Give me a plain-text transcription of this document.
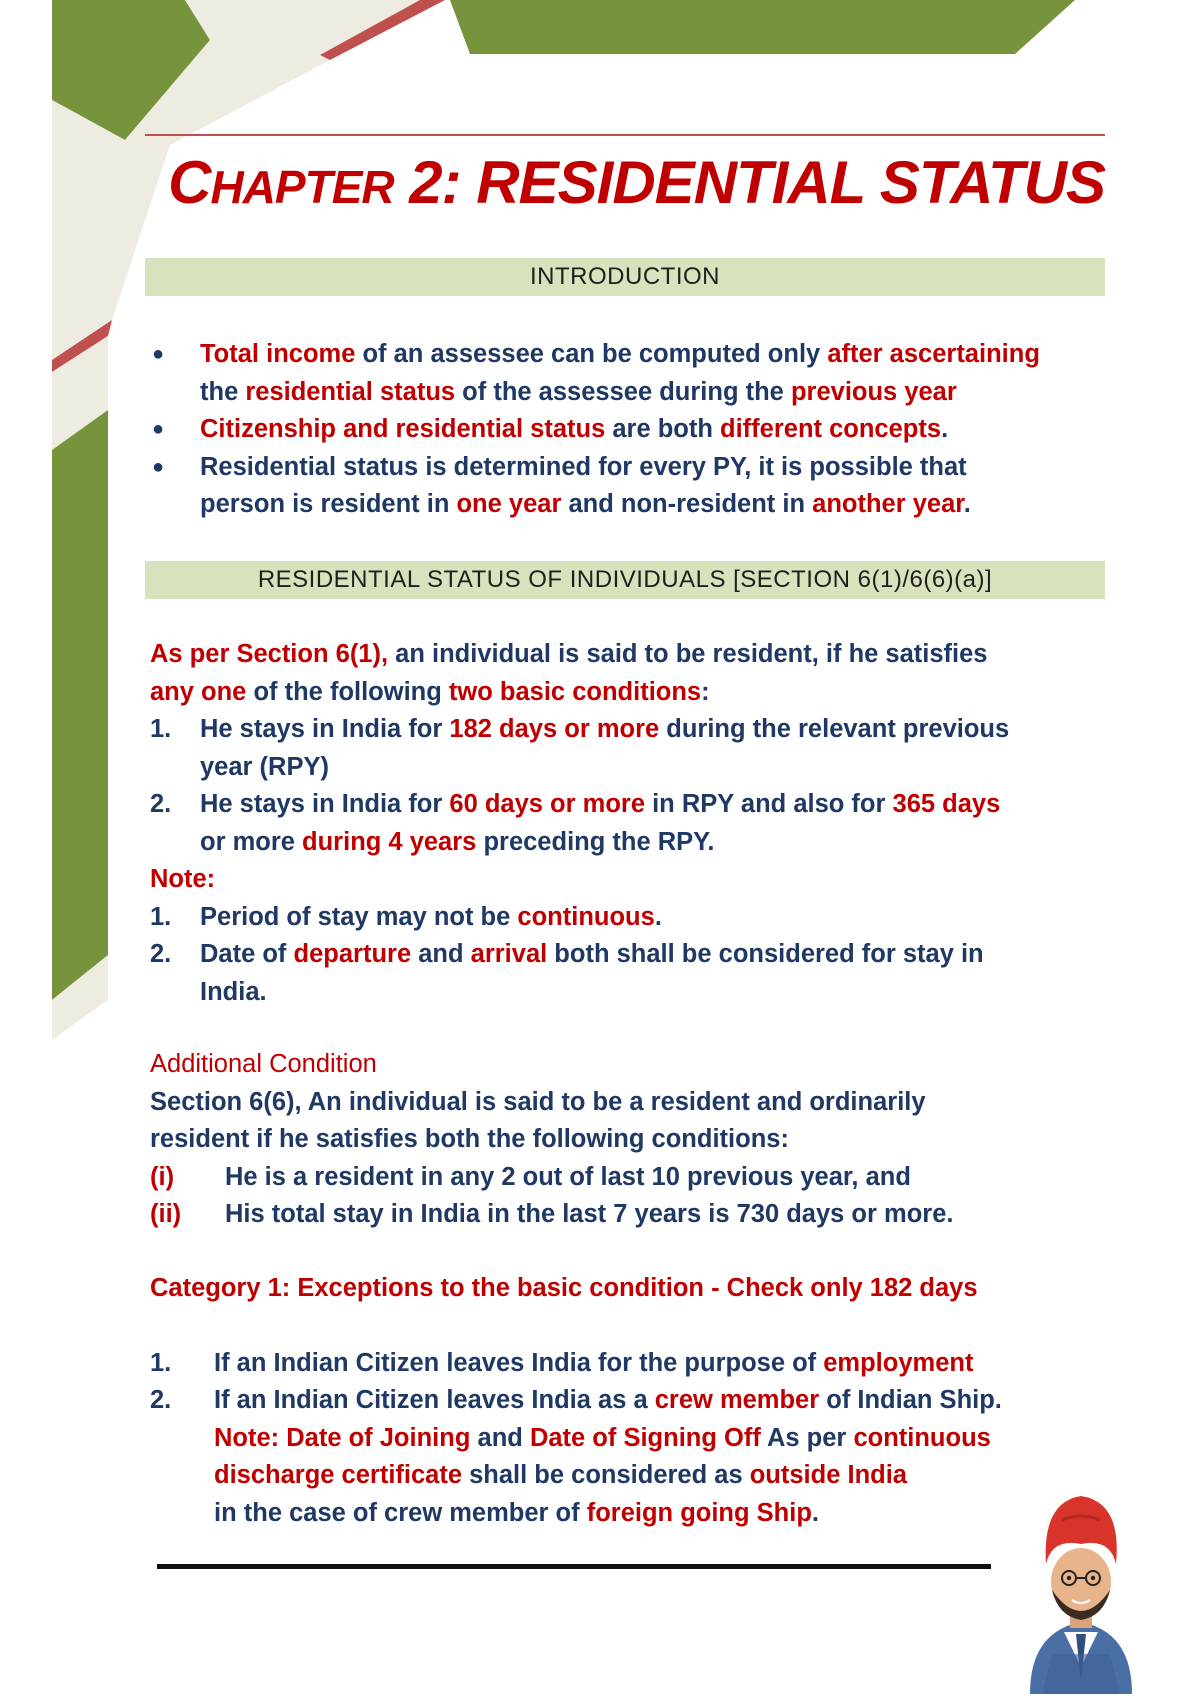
CHAPTER 2: RESIDENTIAL STATUS
INTRODUCTION
● Total income of an assessee can be computed only after ascertaining
the residential status of the assessee during the previous year
● Citizenship and residential status are both different concepts.
● Residential status is determined for every PY, it is possible that
person is resident in one year and non-resident in another year.
RESIDENTIAL STATUS OF INDIVIDUALS [SECTION 6(1)/6(6)(a)]
As per Section 6(1), an individual is said to be resident, if he satisfies
any one of the following two basic conditions:
1. He stays in India for 182 days or more during the relevant previous
year (RPY)
2. He stays in India for 60 days or more in RPY and also for 365 days
or more during 4 years preceding the RPY.
Note:
1. Period of stay may not be continuous.
2. Date of departure and arrival both shall be considered for stay in
India.
Additional Condition
Section 6(6), An individual is said to be a resident and ordinarily
resident if he satisfies both the following conditions:
(i) He is a resident in any 2 out of last 10 previous year, and
(ii) His total stay in India in the last 7 years is 730 days or more.
Category 1: Exceptions to the basic condition - Check only 182 days
1. If an Indian Citizen leaves India for the purpose of employment
2. If an Indian Citizen leaves India as a crew member of Indian Ship.
Note: Date of Joining and Date of Signing Off As per continuous
discharge certificate shall be considered as outside India
in the case of crew member of foreign going Ship.
